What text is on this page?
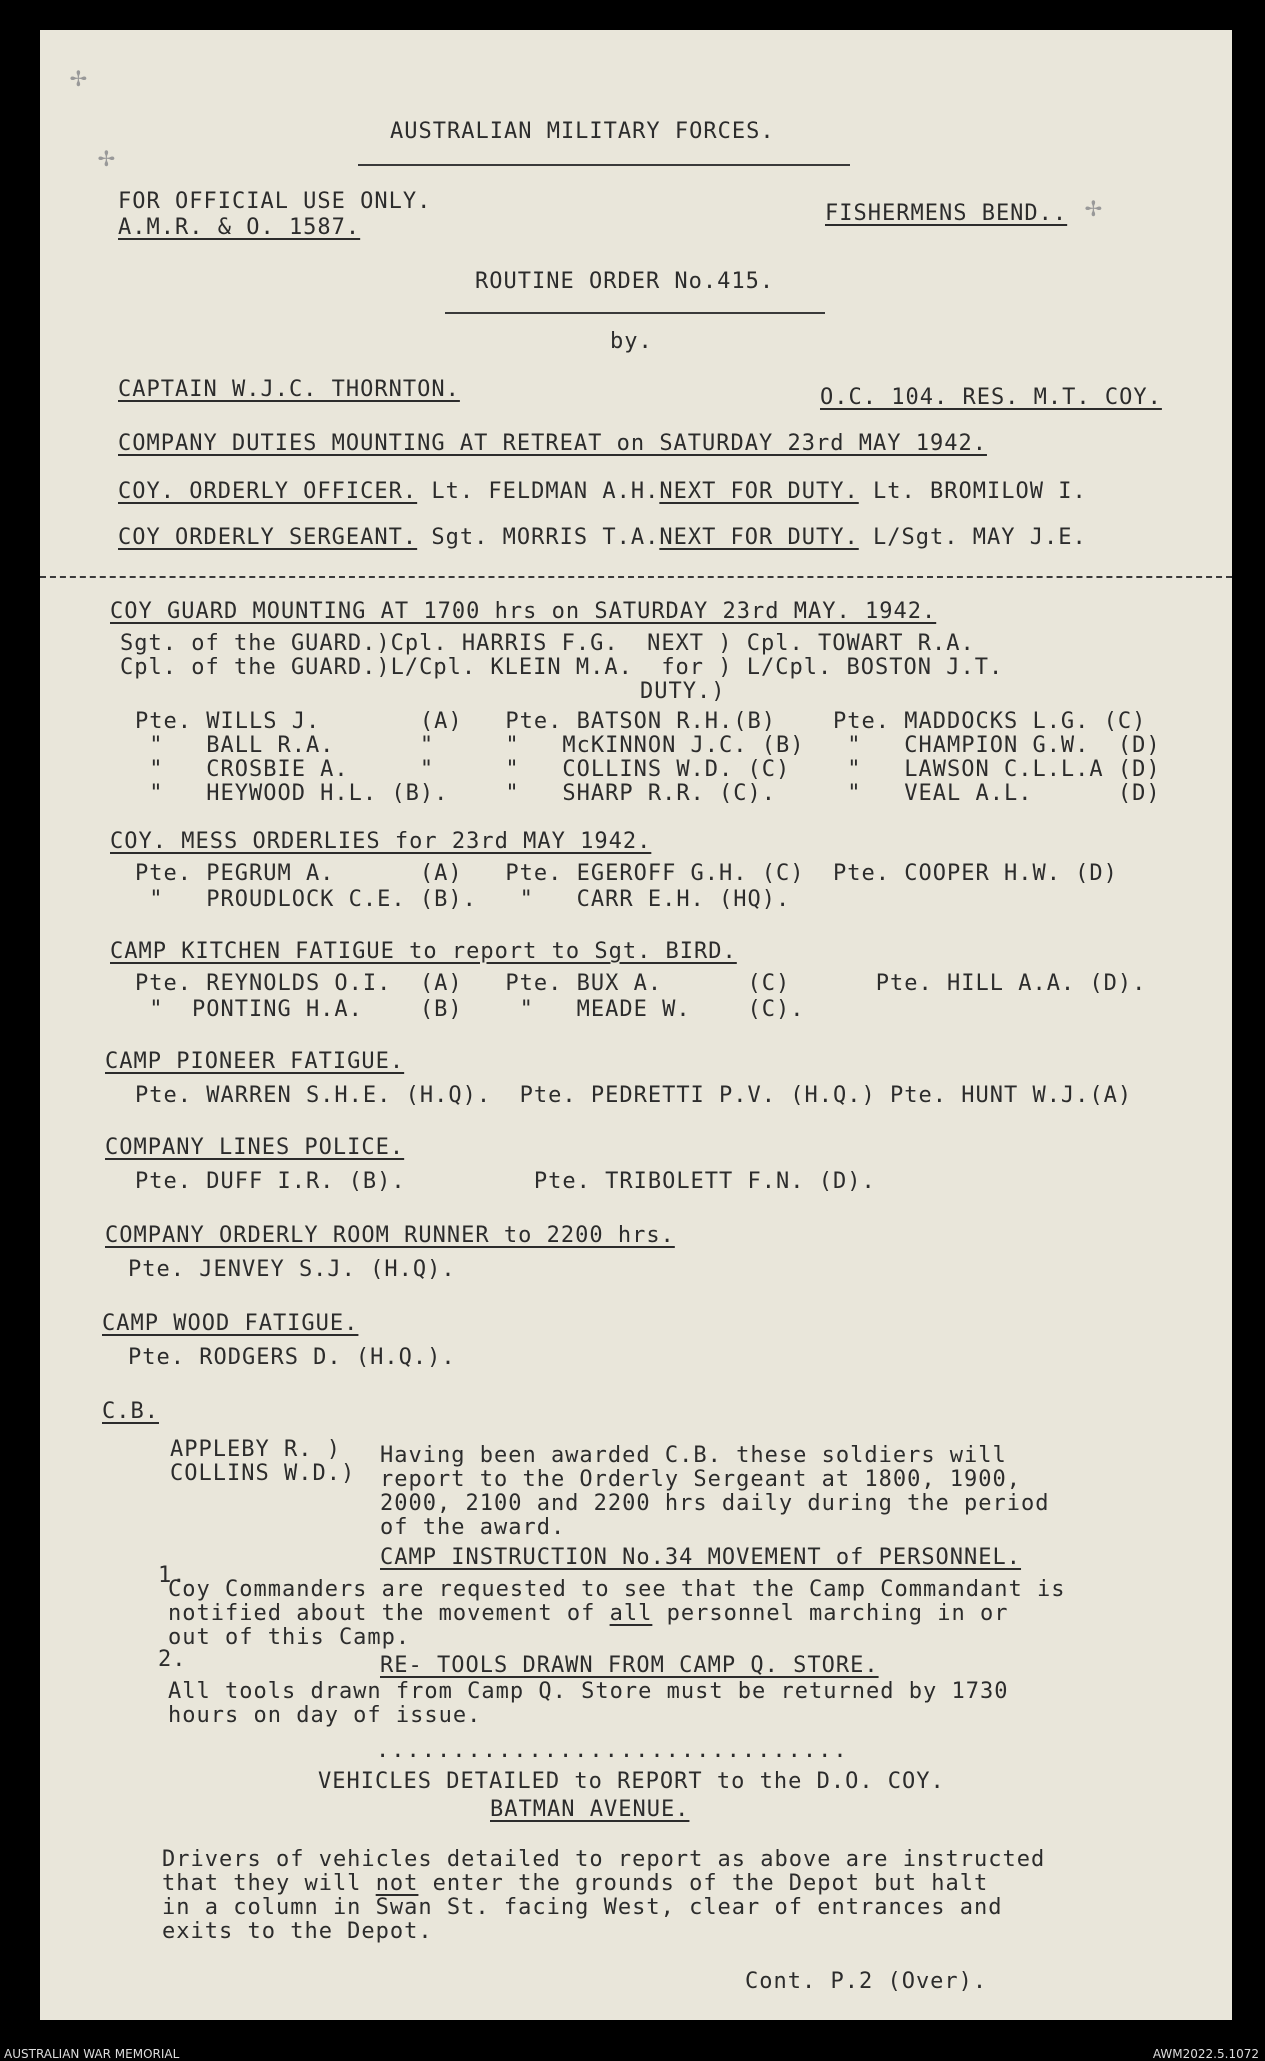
✢
✢
✢
AUSTRALIAN MILITARY FORCES.
FOR OFFICIAL USE ONLY.
A.M.R. & O. 1587.
FISHERMENS BEND..
ROUTINE ORDER No.415.
by.
CAPTAIN W.J.C. THORNTON.	O.C. 104. RES. M.T. COY.
COMPANY DUTIES MOUNTING AT RETREAT on SATURDAY 23rd MAY 1942.
COY. ORDERLY OFFICER. Lt. FELDMAN A.H.NEXT FOR DUTY. Lt. BROMILOW I.
COY ORDERLY SERGEANT. Sgt. MORRIS T.A.NEXT FOR DUTY. L/Sgt. MAY J.E.
COY GUARD MOUNTING AT 1700 hrs on SATURDAY 23rd MAY. 1942.
Sgt. of the GUARD.)Cpl. HARRIS F.G.  NEXT ) Cpl. TOWART R.A.
Cpl. of the GUARD.)L/Cpl. KLEIN M.A.  for ) L/Cpl. BOSTON J.T.
DUTY.)
Pte. WILLS J.       (A)   Pte. BATSON R.H.(B)    Pte. MADDOCKS L.G. (C)
"   BALL R.A.      "     "   McKINNON J.C. (B)   "   CHAMPION G.W.  (D)
"   CROSBIE A.     "     "   COLLINS W.D. (C)    "   LAWSON C.L.L.A (D)
"   HEYWOOD H.L. (B).    "   SHARP R.R. (C).     "   VEAL A.L.      (D)
COY. MESS ORDERLIES for 23rd MAY 1942.
Pte. PEGRUM A.      (A)   Pte. EGEROFF G.H. (C)  Pte. COOPER H.W. (D)
"   PROUDLOCK C.E. (B).   "   CARR E.H. (HQ).
CAMP KITCHEN FATIGUE to report to Sgt. BIRD.
Pte. REYNOLDS O.I.  (A)   Pte. BUX A.      (C)      Pte. HILL A.A. (D).
"  PONTING H.A.    (B)    "   MEADE W.    (C).
CAMP PIONEER FATIGUE.
Pte. WARREN S.H.E. (H.Q).  Pte. PEDRETTI P.V. (H.Q.) Pte. HUNT W.J.(A)
COMPANY LINES POLICE.
Pte. DUFF I.R. (B).         Pte. TRIBOLETT F.N. (D).
COMPANY ORDERLY ROOM RUNNER to 2200 hrs.
Pte. JENVEY S.J. (H.Q).
CAMP WOOD FATIGUE.
Pte. RODGERS D. (H.Q.).
C.B.
APPLEBY R. )
COLLINS W.D.)
Having been awarded C.B. these soldiers will
report to the Orderly Sergeant at 1800, 1900,
2000, 2100 and 2200 hrs daily during the period
of the award.
CAMP INSTRUCTION No.34 MOVEMENT of PERSONNEL.
1.
Coy Commanders are requested to see that the Camp Commandant is
notified about the movement of all personnel marching in or
out of this Camp.
2.	RE- TOOLS DRAWN FROM CAMP Q. STORE.
All tools drawn from Camp Q. Store must be returned by 1730
hours on day of issue.
...............................
VEHICLES DETAILED to REPORT to the D.O. COY.
BATMAN AVENUE.
Drivers of vehicles detailed to report as above are instructed
that they will not enter the grounds of the Depot but halt
in a column in Swan St. facing West, clear of entrances and
exits to the Depot.
Cont. P.2 (Over).
AUSTRALIAN WAR MEMORIAL	AWM2022.5.1072
